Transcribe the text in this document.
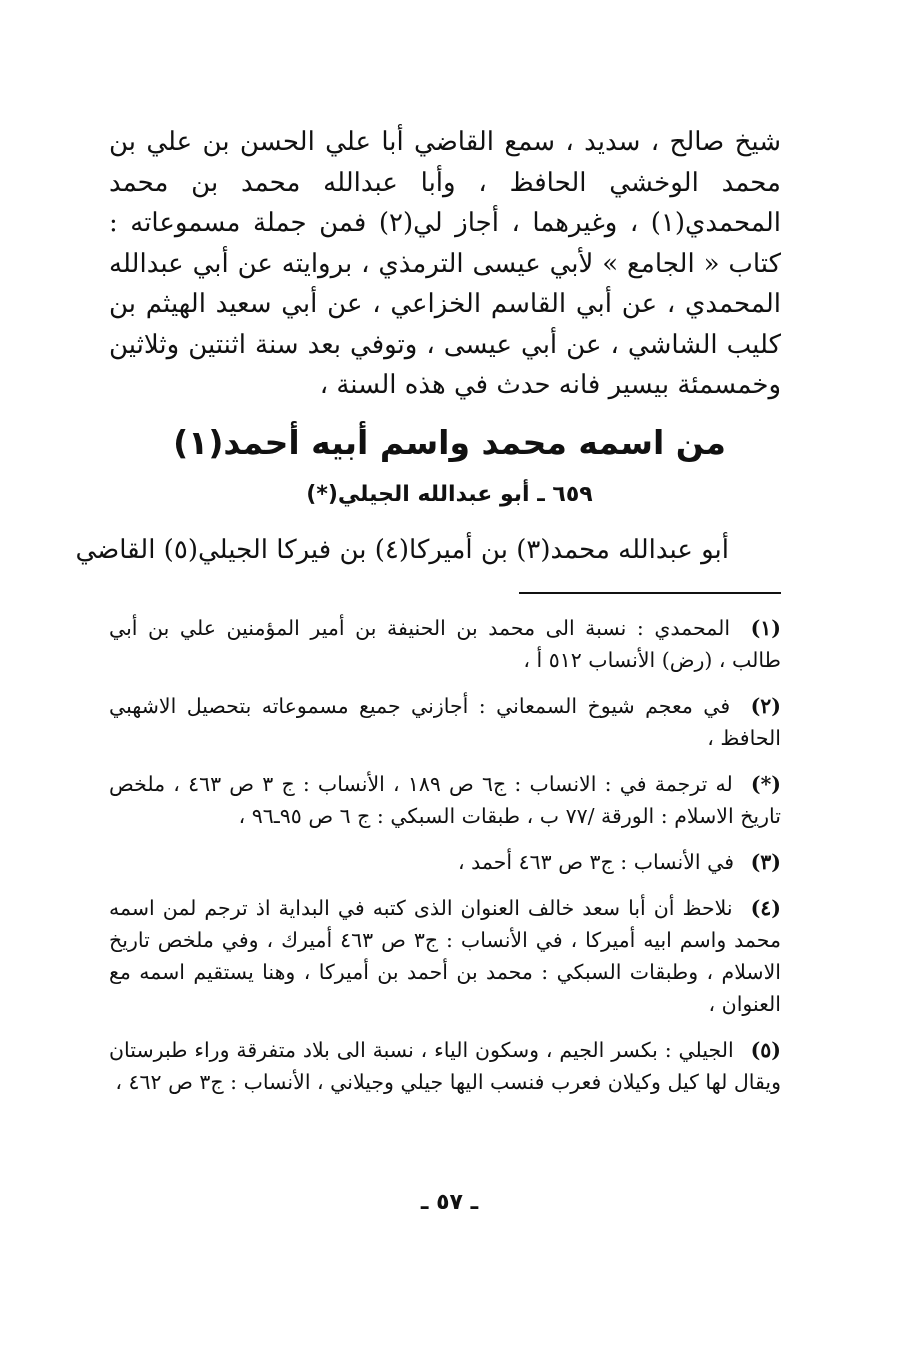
شيخ صالح ، سديد ، سمع القاضي أبا علي الحسن بن علي بن محمد الوخشي الحافظ ، وأبا عبدالله محمد بن محمد المحمدي(١) ، وغيرهما ، أجاز لي(٢) فمن جملة مسموعاته : كتاب « الجامع » لأبي عيسى الترمذي ، بروايته عن أبي عبدالله المحمدي ، عن أبي القاسم الخزاعي ، عن أبي سعيد الهيثم بن كليب الشاشي ، عن أبي عيسى ، وتوفي بعد سنة اثنتين وثلاثين وخمسمئة بيسير فانه حدث في هذه السنة ،

من اسمه محمد واسم أبيه أحمد(١)
٦٥٩ ـ أبو عبدالله الجيلي(*)
أبو عبدالله محمد(٣) بن أميركا(٤) بن فيركا الجيلي(٥) القاضي

(١) المحمدي : نسبة الى محمد بن الحنيفة بن أمير المؤمنين علي بن أبي طالب ، (رض) الأنساب ٥١٢ أ ،

(٢) في معجم شيوخ السمعاني : أجازني جميع مسموعاته بتحصيل الاشهبي الحافظ ،

(*) له ترجمة في : الانساب : ج٦ ص ١٨٩ ، الأنساب : ج ٣ ص ٤٦٣ ، ملخص تاريخ الاسلام : الورقة /٧٧ ب ، طبقات السبكي : ج ٦ ص ٩٥ـ٩٦ ،

(٣) في الأنساب : ج٣ ص ٤٦٣ أحمد ،

(٤) نلاحظ أن أبا سعد خالف العنوان الذى كتبه في البداية اذ ترجم لمن اسمه محمد واسم ابيه أميركا ، في الأنساب : ج٣ ص ٤٦٣ أميرك ، وفي ملخص تاريخ الاسلام ، وطبقات السبكي : محمد بن أحمد بن أميركا ، وهنا يستقيم اسمه مع العنوان ،

(٥) الجيلي : بكسر الجيم ، وسكون الياء ، نسبة الى بلاد متفرقة وراء طبرستان ويقال لها كيل وكيلان فعرب فنسب اليها جيلي وجيلاني ، الأنساب : ج٣ ص ٤٦٢ ،

ـ ٥٧ ـ
